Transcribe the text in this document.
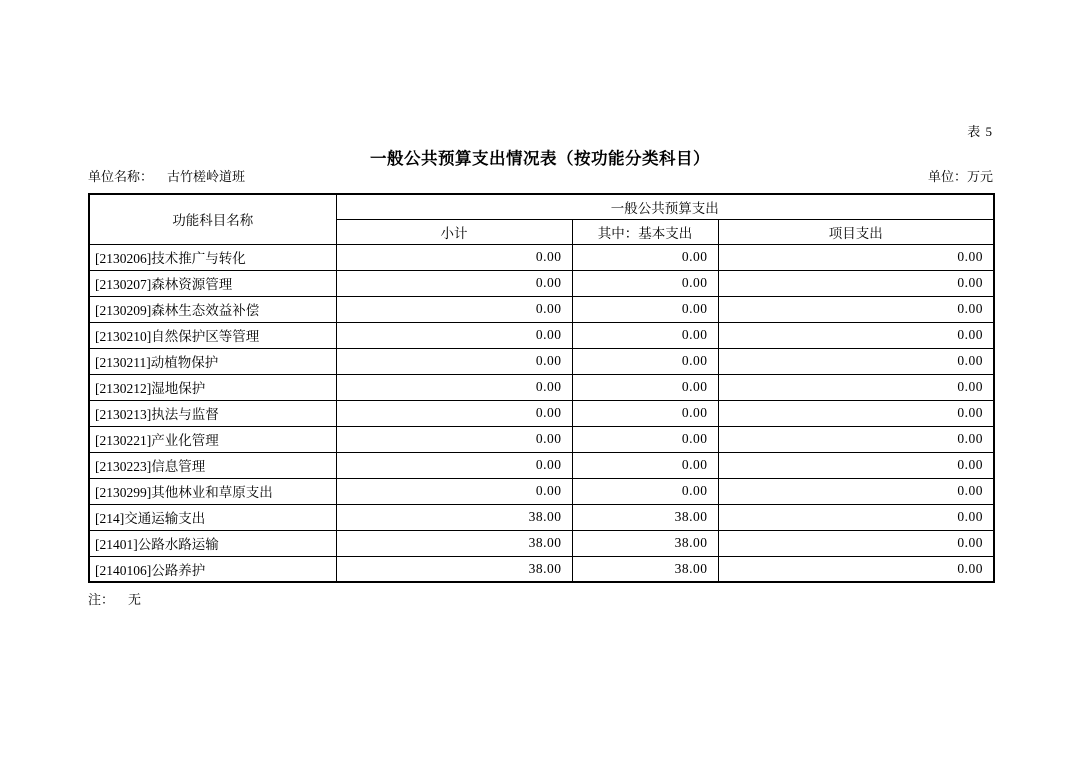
表 5
一般公共预算支出情况表（按功能分类科目）
单位名称： 古竹槎岭道班	单位：万元
功能科目名称	一般公共预算支出		
	小计	其中：基本支出	项目支出
[2130206]技术推广与转化	0.00	0.00	0.00
[2130207]森林资源管理	0.00	0.00	0.00
[2130209]森林生态效益补偿	0.00	0.00	0.00
[2130210]自然保护区等管理	0.00	0.00	0.00
[2130211]动植物保护	0.00	0.00	0.00
[2130212]湿地保护	0.00	0.00	0.00
[2130213]执法与监督	0.00	0.00	0.00
[2130221]产业化管理	0.00	0.00	0.00
[2130223]信息管理	0.00	0.00	0.00
[2130299]其他林业和草原支出	0.00	0.00	0.00
[214]交通运输支出	38.00	38.00	0.00
[21401]公路水路运输	38.00	38.00	0.00
[2140106]公路养护	38.00	38.00	0.00
注： 无
